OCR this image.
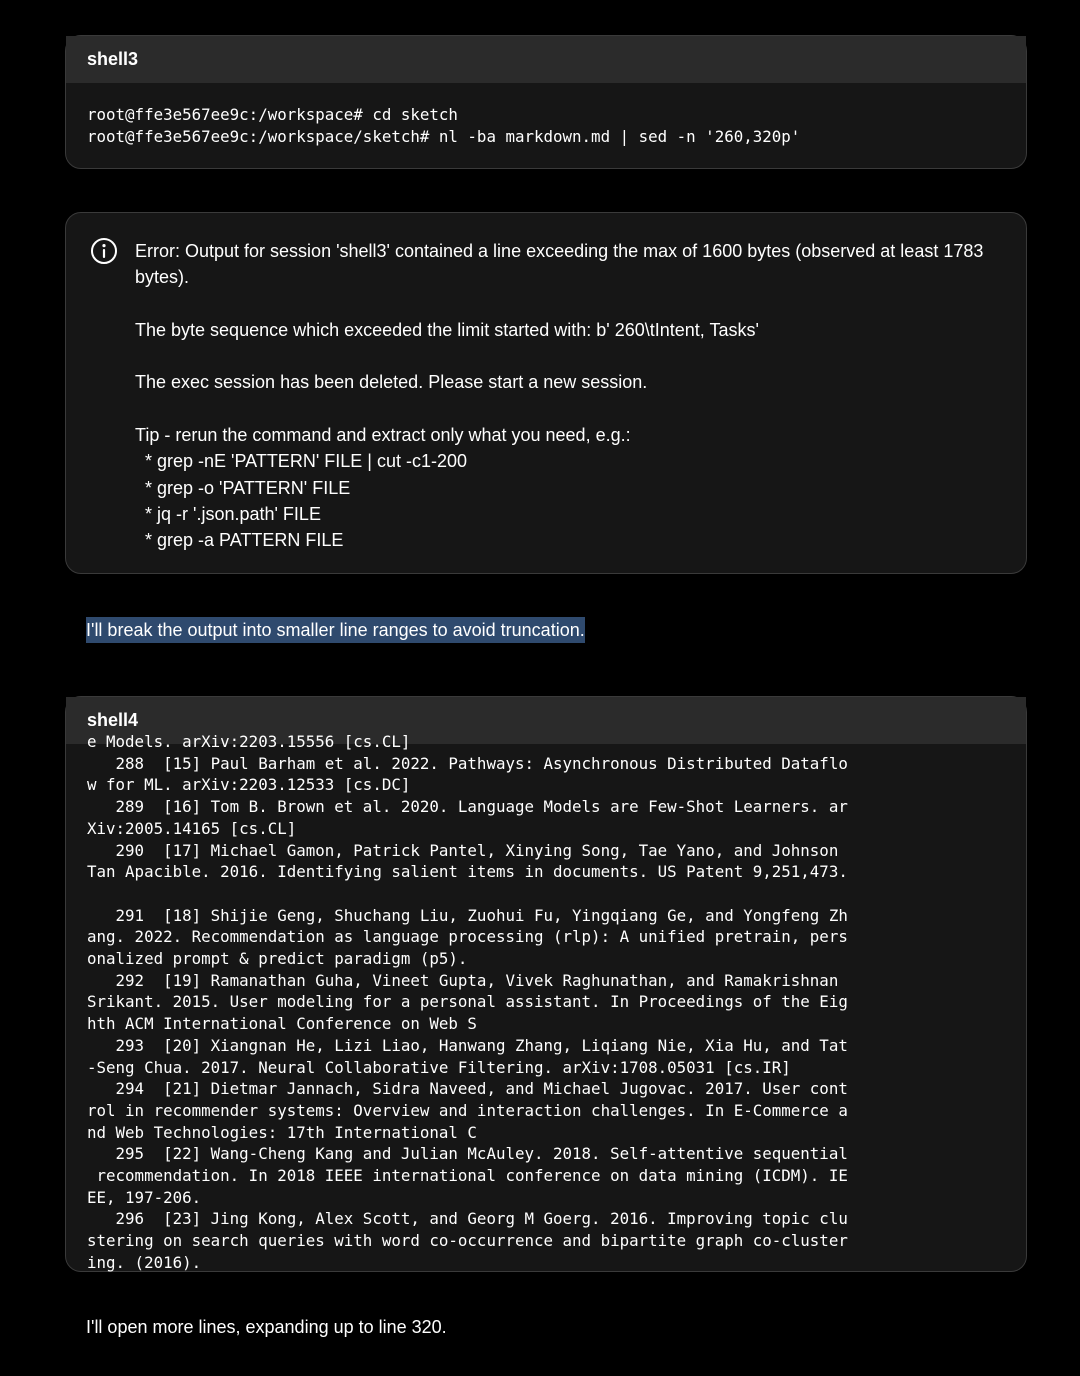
shell3
root@ffe3e567ee9c:/workspace# cd sketch
root@ffe3e567ee9c:/workspace/sketch# nl -ba markdown.md | sed -n '260,320p'

Error: Output for session 'shell3' contained a line exceeding the max of 1600 bytes (observed at least 1783 bytes).

The byte sequence which exceeded the limit started with: b' 260\tIntent, Tasks'

The exec session has been deleted. Please start a new session.

Tip - rerun the command and extract only what you need, e.g.:
* grep -nE 'PATTERN' FILE | cut -c1-200
* grep -o 'PATTERN' FILE
* jq -r '.json.path' FILE
* grep -a PATTERN FILE
I'll break the output into smaller line ranges to avoid truncation.
shell4
e Models. arXiv:2203.15556 [cs.CL]
288  [15] Paul Barham et al. 2022. Pathways: Asynchronous Distributed Dataflo
w for ML. arXiv:2203.12533 [cs.DC]
289  [16] Tom B. Brown et al. 2020. Language Models are Few-Shot Learners. ar
Xiv:2005.14165 [cs.CL]
290  [17] Michael Gamon, Patrick Pantel, Xinying Song, Tae Yano, and Johnson
Tan Apacible. 2016. Identifying salient items in documents. US Patent 9,251,473.

291  [18] Shijie Geng, Shuchang Liu, Zuohui Fu, Yingqiang Ge, and Yongfeng Zh
ang. 2022. Recommendation as language processing (rlp): A unified pretrain, pers
onalized prompt & predict paradigm (p5).
292  [19] Ramanathan Guha, Vineet Gupta, Vivek Raghunathan, and Ramakrishnan
Srikant. 2015. User modeling for a personal assistant. In Proceedings of the Eig
hth ACM International Conference on Web S
293  [20] Xiangnan He, Lizi Liao, Hanwang Zhang, Liqiang Nie, Xia Hu, and Tat
-Seng Chua. 2017. Neural Collaborative Filtering. arXiv:1708.05031 [cs.IR]
294  [21] Dietmar Jannach, Sidra Naveed, and Michael Jugovac. 2017. User cont
rol in recommender systems: Overview and interaction challenges. In E-Commerce a
nd Web Technologies: 17th International C
295  [22] Wang-Cheng Kang and Julian McAuley. 2018. Self-attentive sequential
recommendation. In 2018 IEEE international conference on data mining (ICDM). IE
EE, 197-206.
296  [23] Jing Kong, Alex Scott, and Georg M Goerg. 2016. Improving topic clu
stering on search queries with word co-occurrence and bipartite graph co-cluster
ing. (2016).
I'll open more lines, expanding up to line 320.
